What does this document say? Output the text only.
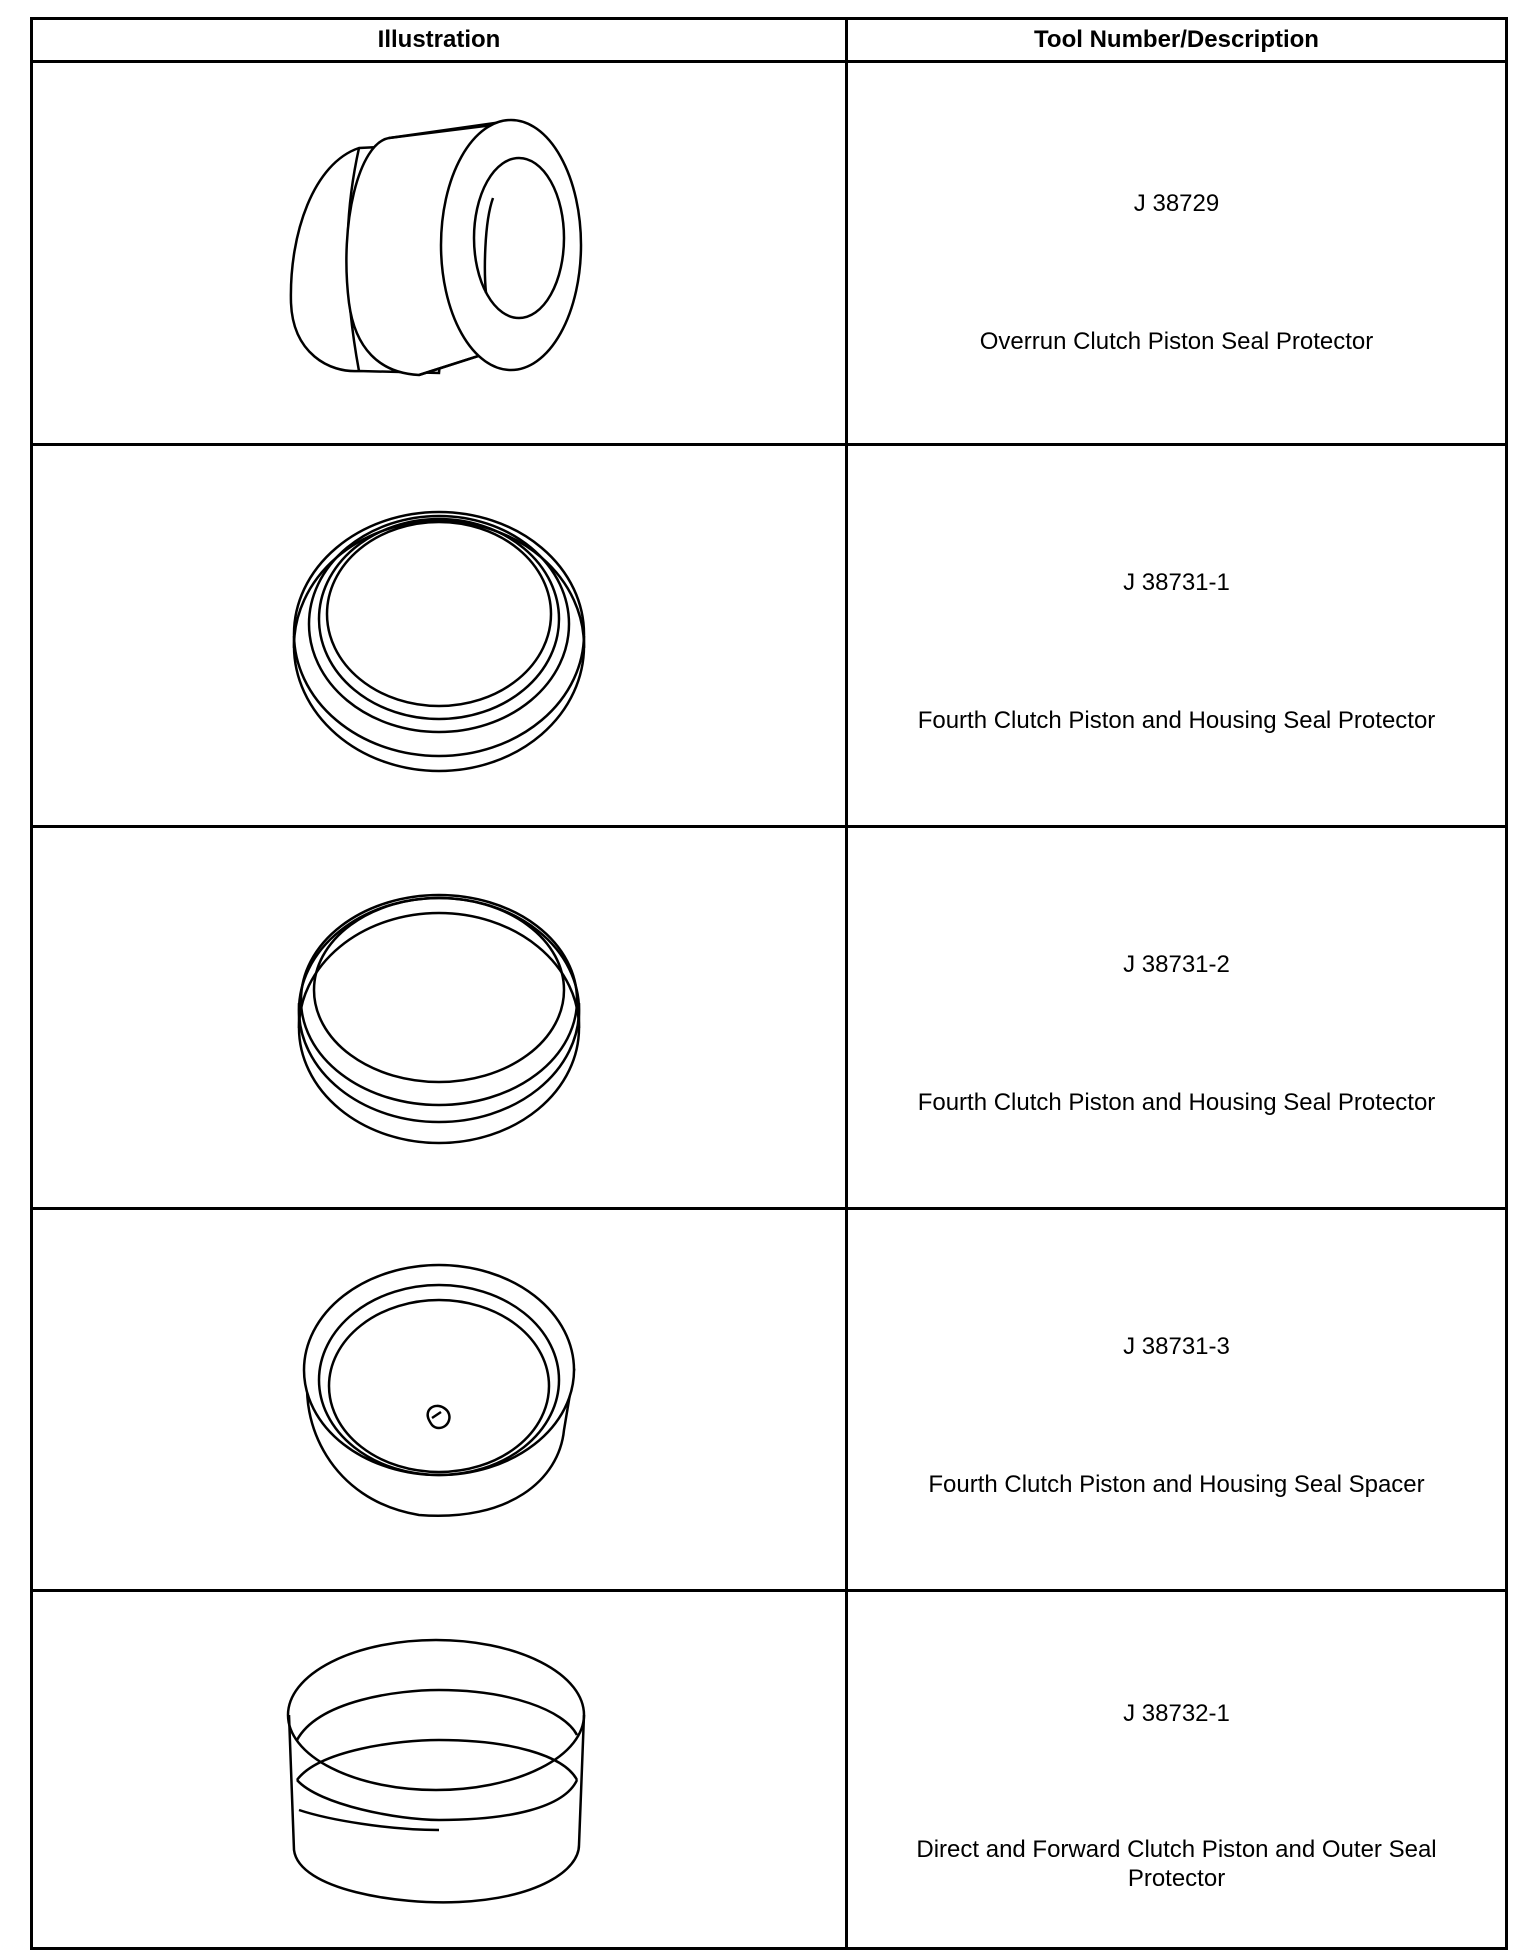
Illustration	Tool Number/Description
J 38729
Overrun Clutch Piston Seal Protector
J 38731-1
Fourth Clutch Piston and Housing Seal Protector
J 38731-2
Fourth Clutch Piston and Housing Seal Protector
J 38731-3
Fourth Clutch Piston and Housing Seal Spacer
J 38732-1
Direct and Forward Clutch Piston and Outer Seal Protector
